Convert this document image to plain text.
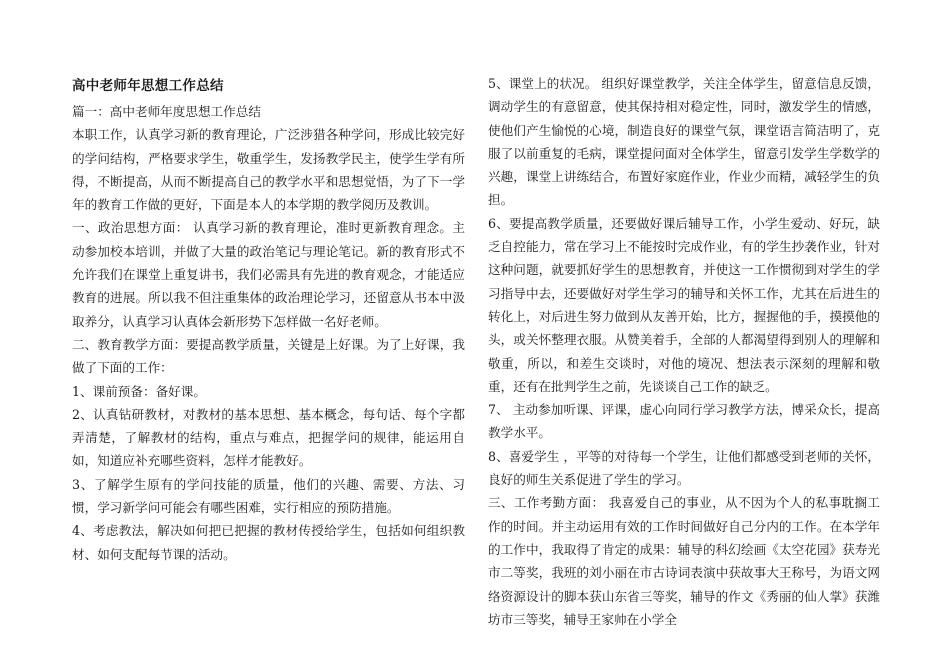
高中老师年思想工作总结

篇一：高中老师年度思想工作总结

本职工作，认真学习新的教育理论，广泛涉猎各种学问，形成比较完好的学问结构，严格要求学生，敬重学生，发扬教学民主，使学生学有所得，不断提高，从而不断提高自己的教学水平和思想觉悟，为了下一学年的教育工作做的更好，下面是本人的本学期的教学阅历及教训。

一、政治思想方面： 认真学习新的教育理论，准时更新教育理念。主动参加校本培训，并做了大量的政治笔记与理论笔记。新的教育形式不允许我们在课堂上重复讲书，我们必需具有先进的教育观念，才能适应教育的进展。所以我不但注重集体的政治理论学习，还留意从书本中汲取养分，认真学习认真体会新形势下怎样做一名好老师。

二、教育教学方面：要提高教学质量，关键是上好课。为了上好课，我做了下面的工作：

1、课前预备：备好课。

2、认真钻研教材，对教材的基本思想、基本概念，每句话、每个字都弄清楚，了解教材的结构，重点与难点，把握学问的规律，能运用自如，知道应补充哪些资料，怎样才能教好。

3、了解学生原有的学问技能的质量，他们的兴趣、需要、方法、习惯，学习新学问可能会有哪些困难，实行相应的预防措施。

4、考虑教法，解决如何把已把握的教材传授给学生，包括如何组织教材、如何支配每节课的活动。

5、课堂上的状况。 组织好课堂教学，关注全体学生，留意信息反馈，调动学生的有意留意，使其保持相对稳定性，同时，激发学生的情感，使他们产生愉悦的心境，制造良好的课堂气氛，课堂语言简洁明了，克服了以前重复的毛病，课堂提问面对全体学生，留意引发学生学数学的兴趣，课堂上讲练结合，布置好家庭作业，作业少而精，减轻学生的负担。

6、要提高教学质量，还要做好课后辅导工作，小学生爱动、好玩，缺乏自控能力，常在学习上不能按时完成作业，有的学生抄袭作业，针对这种问题，就要抓好学生的思想教育，并使这一工作惯彻到对学生的学习指导中去，还要做好对学生学习的辅导和关怀工作，尤其在后进生的转化上，对后进生努力做到从友善开始，比方，握握他的手，摸摸他的头，或关怀整理衣服。从赞美着手，全部的人都渴望得到别人的理解和敬重，所以，和差生交谈时，对他的境况、想法表示深刻的理解和敬重，还有在批判学生之前，先谈谈自己工作的缺乏。

7、 主动参加听课、评课，虚心向同行学习教学方法，博采众长，提高教学水平。

8、喜爱学生 ，平等的对待每一个学生，让他们都感受到老师的关怀，良好的师生关系促进了学生的学习。

三、工作考勤方面： 我喜爱自己的事业，从不因为个人的私事耽搁工作的时间。并主动运用有效的工作时间做好自己分内的工作。在本学年的工作中，我取得了肯定的成果：辅导的科幻绘画《太空花园》获寿光市二等奖，我班的刘小丽在市古诗词表演中获故事大王称号，为语文网络资源设计的脚本获山东省三等奖，辅导的作文《秀丽的仙人掌》获潍坊市三等奖，辅导王家帅在小学全
